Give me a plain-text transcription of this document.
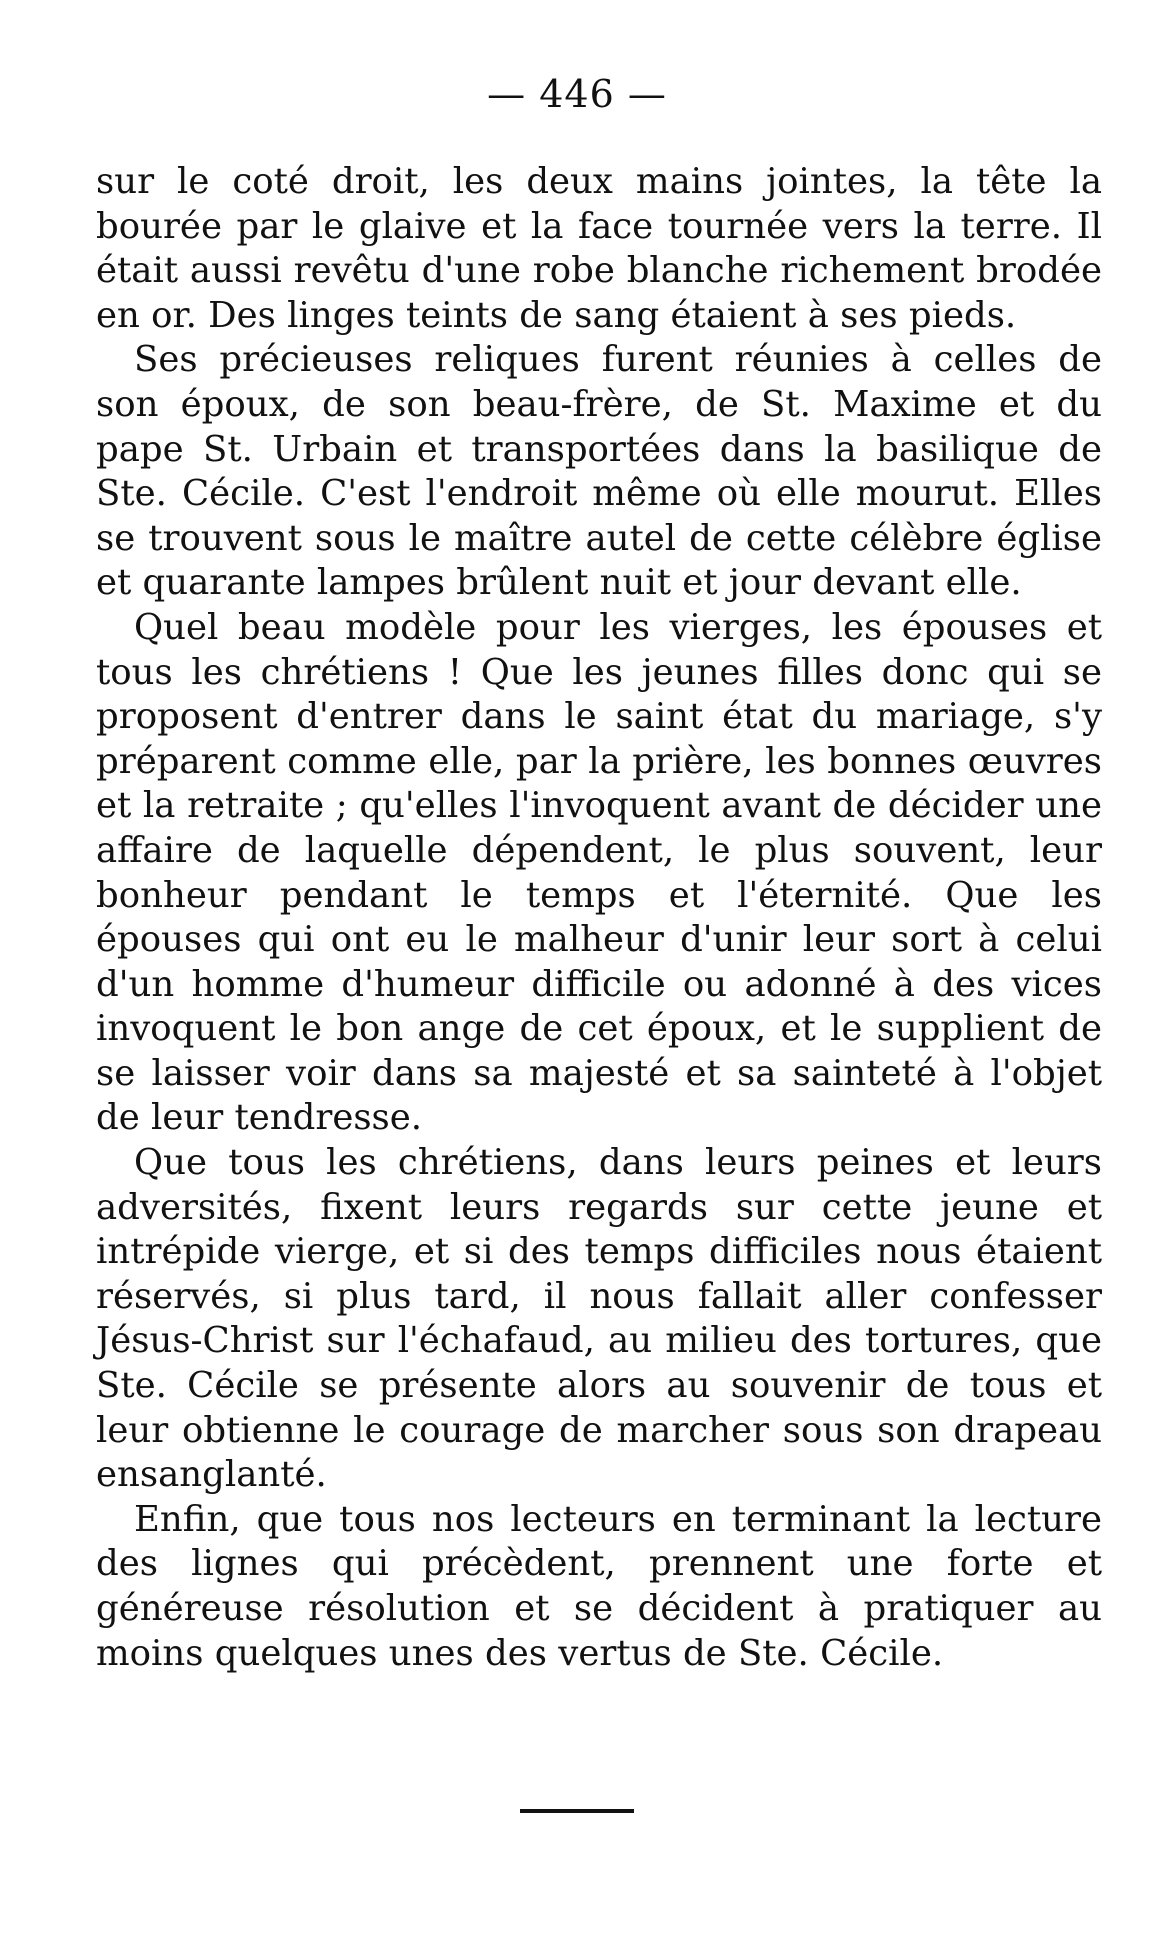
— 446 —

sur le coté droit, les deux mains jointes, la tête la bourée par le glaive et la face tournée vers la terre. Il était aussi revêtu d'une robe blanche richement brodée en or. Des linges teints de sang étaient à ses pieds.

Ses précieuses reliques furent réunies à celles de son époux, de son beau-frère, de St. Maxime et du pape St. Urbain et transportées dans la basilique de Ste. Cécile. C'est l'endroit même où elle mourut. Elles se trouvent sous le maître autel de cette célèbre église et quarante lampes brûlent nuit et jour devant elle.

Quel beau modèle pour les vierges, les épouses et tous les chrétiens ! Que les jeunes filles donc qui se proposent d'entrer dans le saint état du mariage, s'y préparent comme elle, par la prière, les bonnes œuvres et la retraite ; qu'elles l'invoquent avant de décider une affaire de laquelle dépendent, le plus souvent, leur bonheur pendant le temps et l'éternité. Que les épouses qui ont eu le malheur d'unir leur sort à celui d'un homme d'humeur difficile ou adonné à des vices invoquent le bon ange de cet époux, et le supplient de se laisser voir dans sa majesté et sa sainteté à l'objet de leur tendresse.

Que tous les chrétiens, dans leurs peines et leurs adversités, fixent leurs regards sur cette jeune et intrépide vierge, et si des temps difficiles nous étaient réservés, si plus tard, il nous fallait aller confesser Jésus-Christ sur l'échafaud, au milieu des tortures, que Ste. Cécile se présente alors au souvenir de tous et leur obtienne le courage de marcher sous son drapeau ensanglanté.

Enfin, que tous nos lecteurs en terminant la lecture des lignes qui précèdent, prennent une forte et généreuse résolution et se décident à pratiquer au moins quelques unes des vertus de Ste. Cécile.
